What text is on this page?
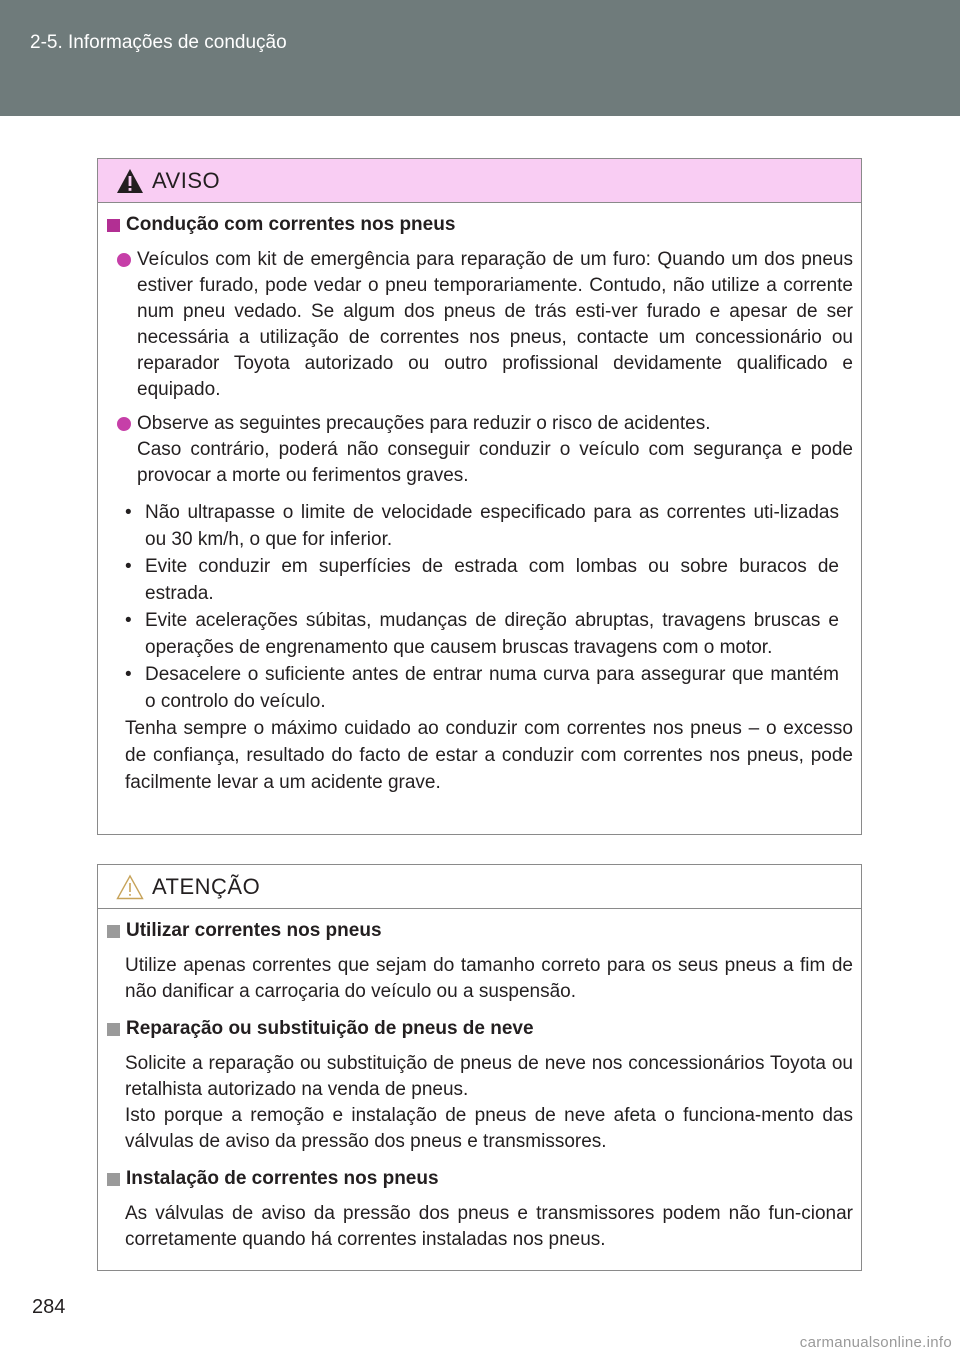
2-5. Informações de condução
AVISO
Condução com correntes nos pneus
Veículos com kit de emergência para reparação de um furo: Quando um dos pneus estiver furado, pode vedar o pneu temporariamente. Contudo, não utilize a corrente num pneu vedado. Se algum dos pneus de trás esti-ver furado e apesar de ser necessária a utilização de correntes nos pneus, contacte um concessionário ou reparador Toyota autorizado ou outro profissional devidamente qualificado e equipado.
Observe as seguintes precauções para reduzir o risco de acidentes.
Caso contrário, poderá não conseguir conduzir o veículo com segurança e pode provocar a morte ou ferimentos graves.
• Não ultrapasse o limite de velocidade especificado para as correntes uti-lizadas ou 30 km/h, o que for inferior.
• Evite conduzir em superfícies de estrada com lombas ou sobre buracos de estrada.
• Evite acelerações súbitas, mudanças de direção abruptas, travagens bruscas e operações de engrenamento que causem bruscas travagens com o motor.
• Desacelere o suficiente antes de entrar numa curva para assegurar que mantém o controlo do veículo.
Tenha sempre o máximo cuidado ao conduzir com correntes nos pneus – o excesso de confiança, resultado do facto de estar a conduzir com correntes nos pneus, pode facilmente levar a um acidente grave.
ATENÇÃO
Utilizar correntes nos pneus
Utilize apenas correntes que sejam do tamanho correto para os seus pneus a fim de não danificar a carroçaria do veículo ou a suspensão.
Reparação ou substituição de pneus de neve
Solicite a reparação ou substituição de pneus de neve nos concessionários Toyota ou retalhista autorizado na venda de pneus.
Isto porque a remoção e instalação de pneus de neve afeta o funciona-mento das válvulas de aviso da pressão dos pneus e transmissores.
Instalação de correntes nos pneus
As válvulas de aviso da pressão dos pneus e transmissores podem não fun-cionar corretamente quando há correntes instaladas nos pneus.
284
carmanualsonline.info
